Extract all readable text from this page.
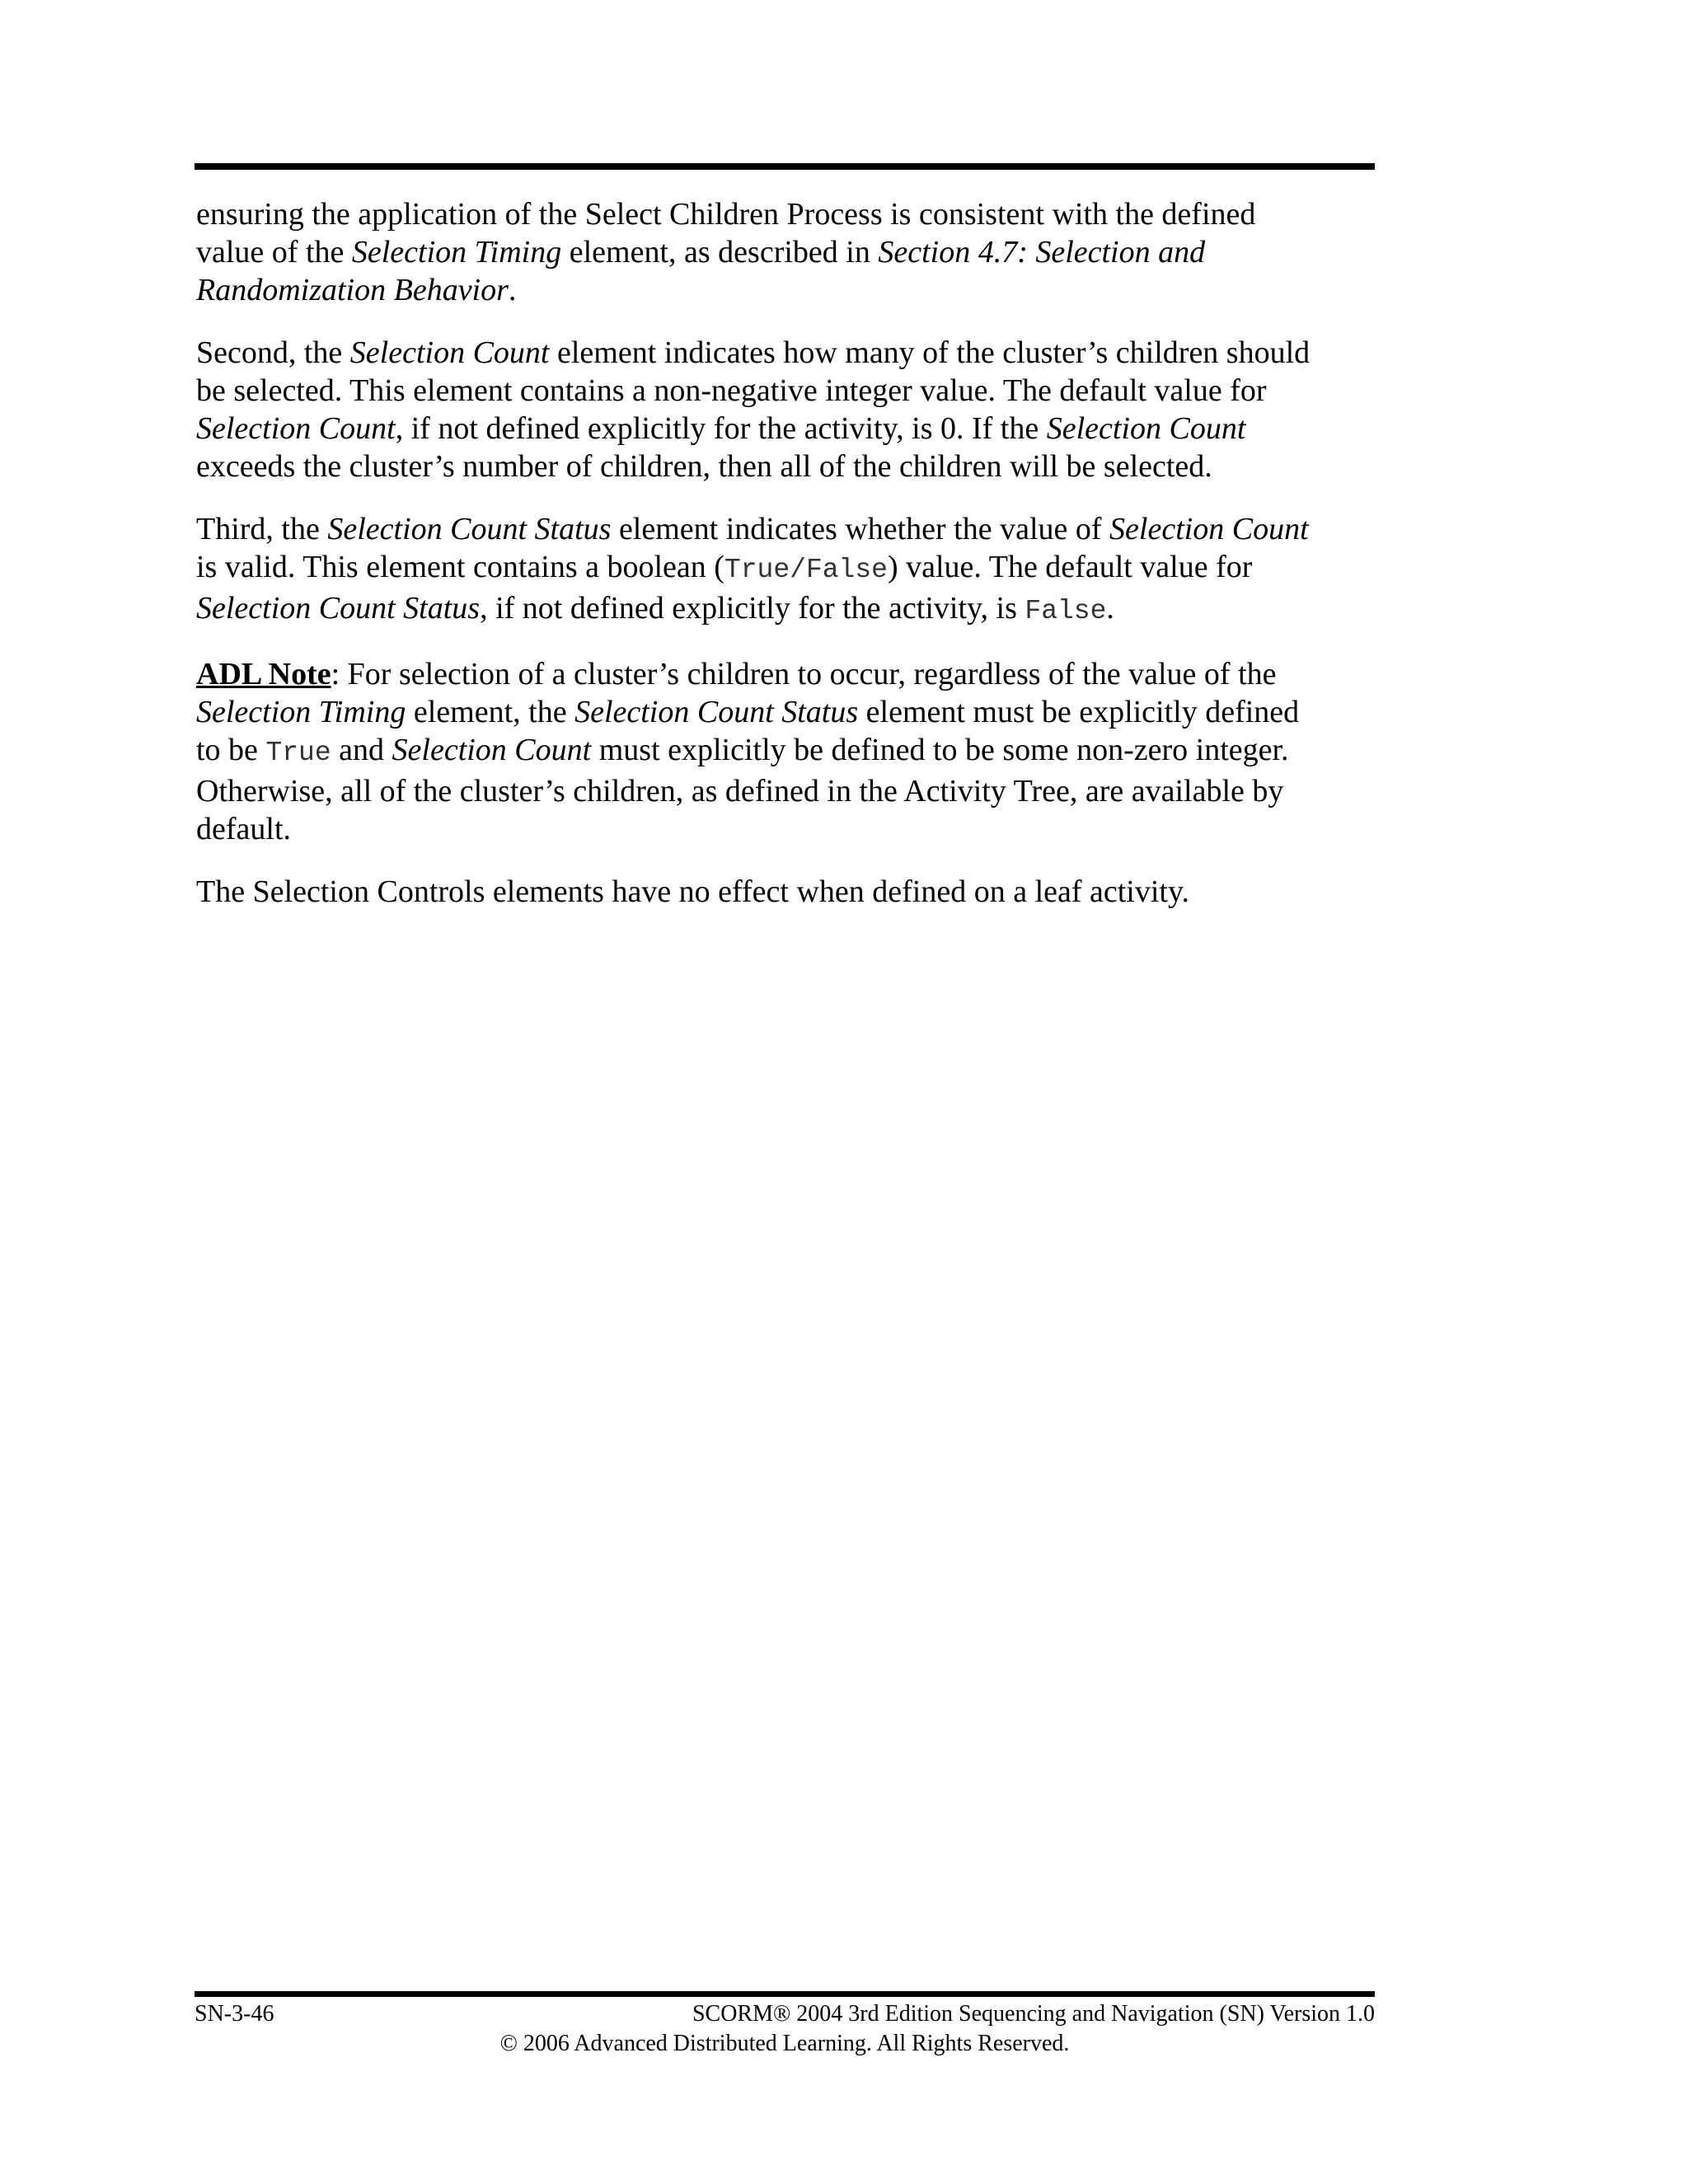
ensuring the application of the Select Children Process is consistent with the defined
value of the Selection Timing element, as described in Section 4.7: Selection and
Randomization Behavior.

Second, the Selection Count element indicates how many of the cluster’s children should
be selected. This element contains a non-negative integer value. The default value for
Selection Count, if not defined explicitly for the activity, is 0. If the Selection Count
exceeds the cluster’s number of children, then all of the children will be selected.

Third, the Selection Count Status element indicates whether the value of Selection Count
is valid. This element contains a boolean (True/False) value. The default value for
Selection Count Status, if not defined explicitly for the activity, is False.

ADL Note: For selection of a cluster’s children to occur, regardless of the value of the
Selection Timing element, the Selection Count Status element must be explicitly defined
to be True and Selection Count must explicitly be defined to be some non-zero integer.
Otherwise, all of the cluster’s children, as defined in the Activity Tree, are available by
default.

The Selection Controls elements have no effect when defined on a leaf activity.

SN-3-46	SCORM® 2004 3rd Edition Sequencing and Navigation (SN) Version 1.0
© 2006 Advanced Distributed Learning. All Rights Reserved.
